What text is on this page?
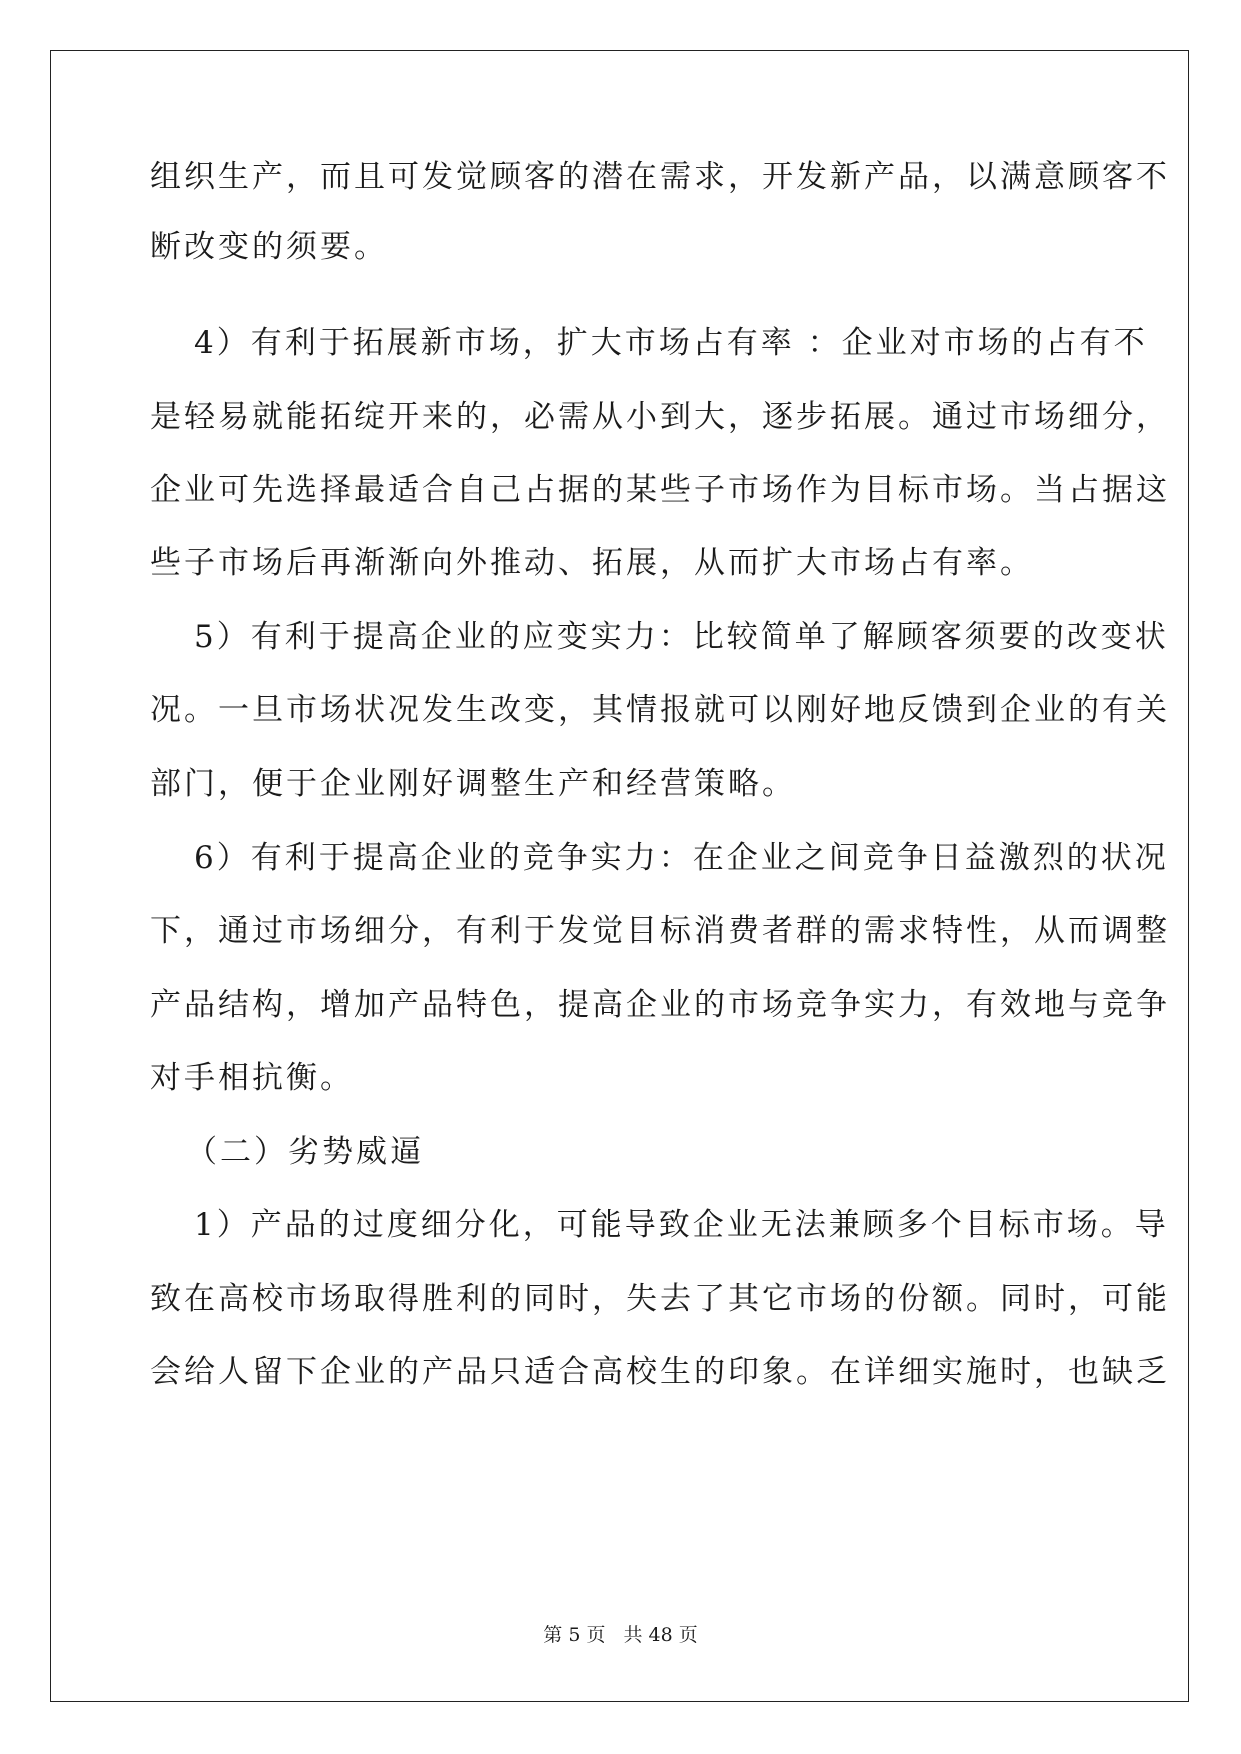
组织生产，而且可发觉顾客的潜在需求，开发新产品，以满意顾客不
断改变的须要。
4）有利于拓展新市场，扩大市场占有率 ：企业对市场的占有不
是轻易就能拓绽开来的，必需从小到大，逐步拓展。通过市场细分，
企业可先选择最适合自己占据的某些子市场作为目标市场。当占据这
些子市场后再渐渐向外推动、拓展，从而扩大市场占有率。
5）有利于提高企业的应变实力：比较简单了解顾客须要的改变状
况。一旦市场状况发生改变，其情报就可以刚好地反馈到企业的有关
部门，便于企业刚好调整生产和经营策略。
6）有利于提高企业的竞争实力：在企业之间竞争日益激烈的状况
下，通过市场细分，有利于发觉目标消费者群的需求特性，从而调整
产品结构，增加产品特色，提高企业的市场竞争实力，有效地与竞争
对手相抗衡。
（二）劣势威逼
1）产品的过度细分化，可能导致企业无法兼顾多个目标市场。导
致在高校市场取得胜利的同时，失去了其它市场的份额。同时，可能
会给人留下企业的产品只适合高校生的印象。在详细实施时，也缺乏
第 5 页 共 48 页
